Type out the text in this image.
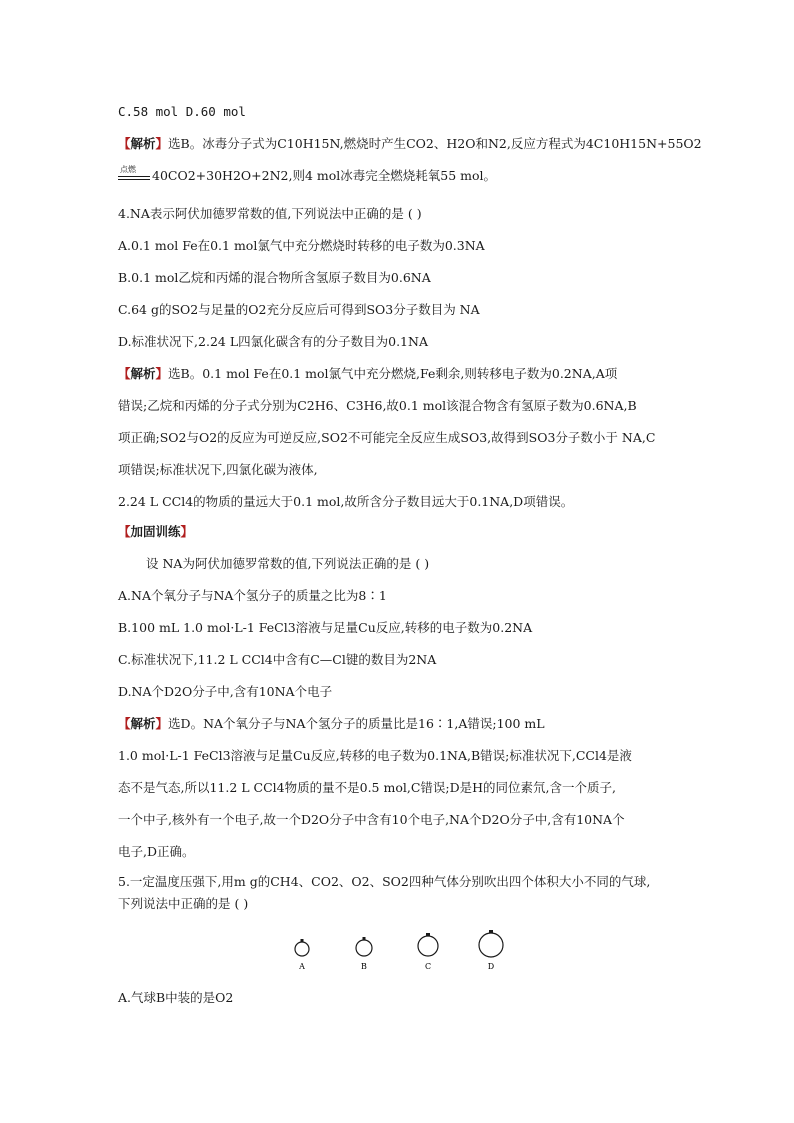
C.58 mol D.60 mol
【解析】选B。冰毒分子式为C10H15N,燃烧时产生CO2、H2O和N2,反应方程式为4C10H15N+55O2
点燃 40CO2+30H2O+2N2,则4 mol冰毒完全燃烧耗氧55 mol。
4.NA表示阿伏加德罗常数的值,下列说法中正确的是 ( )
A.0.1 mol Fe在0.1 mol氯气中充分燃烧时转移的电子数为0.3NA
B.0.1 mol乙烷和丙烯的混合物所含氢原子数目为0.6NA
C.64 g的SO2与足量的O2充分反应后可得到SO3分子数目为 NA
D.标准状况下,2.24 L四氯化碳含有的分子数目为0.1NA
【解析】选B。0.1 mol Fe在0.1 mol氯气中充分燃烧,Fe剩余,则转移电子数为0.2NA,A项
错误;乙烷和丙烯的分子式分别为C2H6、C3H6,故0.1 mol该混合物含有氢原子数为0.6NA,B
项正确;SO2与O2的反应为可逆反应,SO2不可能完全反应生成SO3,故得到SO3分子数小于 NA,C
项错误;标准状况下,四氯化碳为液体,
2.24 L CCl4的物质的量远大于0.1 mol,故所含分子数目远大于0.1NA,D项错误。
【加固训练】
设 NA为阿伏加德罗常数的值,下列说法正确的是 ( )
A.NA个氧分子与NA个氢分子的质量之比为8∶1
B.100 mL 1.0 mol·L-1 FeCl3溶液与足量Cu反应,转移的电子数为0.2NA
C.标准状况下,11.2 L CCl4中含有C—Cl键的数目为2NA
D.NA个D2O分子中,含有10NA个电子
【解析】选D。NA个氧分子与NA个氢分子的质量比是16∶1,A错误;100 mL
1.0 mol·L-1 FeCl3溶液与足量Cu反应,转移的电子数为0.1NA,B错误;标准状况下,CCl4是液
态不是气态,所以11.2 L CCl4物质的量不是0.5 mol,C错误;D是H的同位素氘,含一个质子,
一个中子,核外有一个电子,故一个D2O分子中含有10个电子,NA个D2O分子中,含有10NA个
电子,D正确。
5.一定温度压强下,用m g的CH4、CO2、O2、SO2四种气体分别吹出四个体积大小不同的气球,
下列说法中正确的是 ( )
A	B	C	D
A.气球B中装的是O2
